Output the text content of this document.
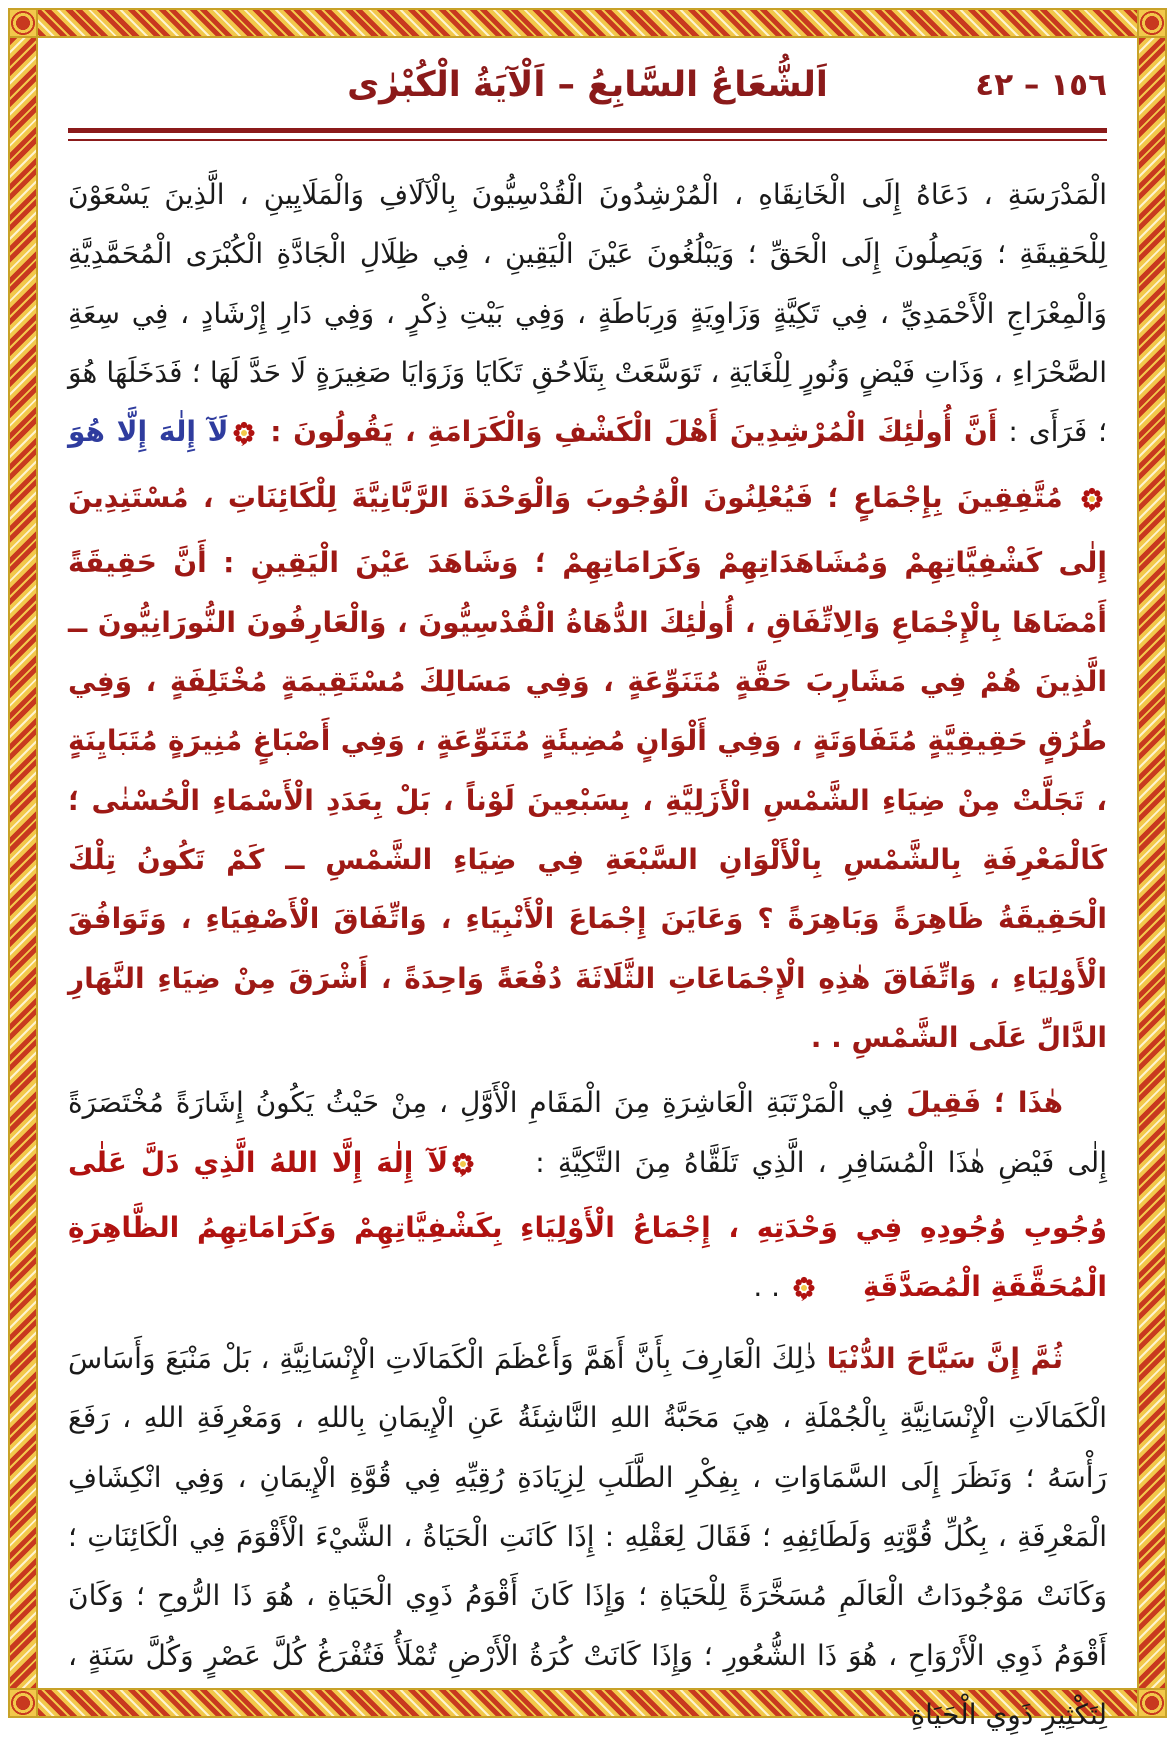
اَلشُّعَاعُ السَّابِعُ – اَلْآيَةُ الْكُبْرٰى	١٥٦ – ٤٢

الْمَدْرَسَةِ ، دَعَاهُ إِلَى الْخَانِقَاهِ ، الْمُرْشِدُونَ الْقُدْسِيُّونَ بِالْآلَافِ وَالْمَلَايِينِ ، الَّذِينَ يَسْعَوْنَ لِلْحَقِيقَةِ ؛ وَيَصِلُونَ إِلَى الْحَقِّ ؛ وَيَبْلُغُونَ عَيْنَ الْيَقِينِ ، فِي ظِلَالِ الْجَادَّةِ الْكُبْرَى الْمُحَمَّدِيَّةِ وَالْمِعْرَاجِ الْأَحْمَدِيِّ ، فِي تَكِيَّةٍ وَزَاوِيَةٍ وَرِبَاطَةٍ ، وَفِي بَيْتِ ذِكْرٍ ، وَفِي دَارِ إِرْشَادٍ ، فِي سِعَةِ الصَّحْرَاءِ ، وَذَاتِ فَيْضٍ وَنُورٍ لِلْغَايَةِ ، تَوَسَّعَتْ بِتَلَاحُقِ تَكَايَا وَزَوَايَا صَغِيرَةٍ لَا حَدَّ لَهَا ؛ فَدَخَلَهَا هُوَ ؛ فَرَأَى : أَنَّ أُولٰئِكَ الْمُرْشِدِينَ أَهْلَ الْكَشْفِ وَالْكَرَامَةِ ، يَقُولُونَ : لَآ إِلٰهَ إِلَّا هُوَ مُتَّفِقِينَ بِإِجْمَاعٍ ؛ فَيُعْلِنُونَ الْوُجُوبَ وَالْوَحْدَةَ الرَّبَّانِيَّةَ لِلْكَائِنَاتِ ، مُسْتَنِدِينَ إِلٰى كَشْفِيَّاتِهِمْ وَمُشَاهَدَاتِهِمْ وَكَرَامَاتِهِمْ ؛ وَشَاهَدَ عَيْنَ الْيَقِينِ : أَنَّ حَقِيقَةً أَمْضَاهَا بِالْإِجْمَاعِ وَالِاتِّفَاقِ ، أُولٰئِكَ الدُّهَاةُ الْقُدْسِيُّونَ ، وَالْعَارِفُونَ النُّورَانِيُّونَ ــ الَّذِينَ هُمْ فِي مَشَارِبَ حَقَّةٍ مُتَنَوِّعَةٍ ، وَفِي مَسَالِكَ مُسْتَقِيمَةٍ مُخْتَلِفَةٍ ، وَفِي طُرُقٍ حَقِيقِيَّةٍ مُتَفَاوَتَةٍ ، وَفِي أَلْوَانٍ مُضِيئَةٍ مُتَنَوِّعَةٍ ، وَفِي أَصْبَاغٍ مُنِيرَةٍ مُتَبَايِنَةٍ ، تَجَلَّتْ مِنْ ضِيَاءِ الشَّمْسِ الْأَزَلِيَّةِ ، بِسَبْعِينَ لَوْناً ، بَلْ بِعَدَدِ الْأَسْمَاءِ الْحُسْنٰى ؛ كَالْمَعْرِفَةِ بِالشَّمْسِ بِالْأَلْوَانِ السَّبْعَةِ فِي ضِيَاءِ الشَّمْسِ ــ كَمْ تَكُونُ تِلْكَ الْحَقِيقَةُ ظَاهِرَةً وَبَاهِرَةً ؟ وَعَايَنَ إِجْمَاعَ الْأَنْبِيَاءِ ، وَاتِّفَاقَ الْأَصْفِيَاءِ ، وَتَوَافُقَ الْأَوْلِيَاءِ ، وَاتِّفَاقَ هٰذِهِ الْإِجْمَاعَاتِ الثَّلَاثَةَ دُفْعَةً وَاحِدَةً ، أَشْرَقَ مِنْ ضِيَاءِ النَّهَارِ الدَّالِّ عَلَى الشَّمْسِ . .

هٰذَا ؛ فَقِيلَ فِي الْمَرْتَبَةِ الْعَاشِرَةِ مِنَ الْمَقَامِ الْأَوَّلِ ، مِنْ حَيْثُ يَكُونُ إِشَارَةً مُخْتَصَرَةً إِلٰى فَيْضِ هٰذَا الْمُسَافِرِ ، الَّذِي تَلَقَّاهُ مِنَ التَّكِيَّةِ : لَآ إِلٰهَ إِلَّا اللهُ الَّذِي دَلَّ عَلٰى وُجُوبِ وُجُودِهِ فِي وَحْدَتِهِ ، إِجْمَاعُ الْأَوْلِيَاءِ بِكَشْفِيَّاتِهِمْ وَكَرَامَاتِهِمُ الظَّاهِرَةِ الْمُحَقَّقَةِ الْمُصَدَّقَةِ . .

ثُمَّ إِنَّ سَيَّاحَ الدُّنْيَا ذٰلِكَ الْعَارِفَ بِأَنَّ أَهَمَّ وَأَعْظَمَ الْكَمَالَاتِ الْإِنْسَانِيَّةِ ، بَلْ مَنْبَعَ وَأَسَاسَ الْكَمَالَاتِ الْإِنْسَانِيَّةِ بِالْجُمْلَةِ ، هِيَ مَحَبَّةُ اللهِ النَّاشِئَةُ عَنِ الْإِيمَانِ بِاللهِ ، وَمَعْرِفَةِ اللهِ ، رَفَعَ رَأْسَهُ ؛ وَنَظَرَ إِلَى السَّمَاوَاتِ ، بِفِكْرِ الطَّلَبِ لِزِيَادَةِ رُقِيِّهِ فِي قُوَّةِ الْإِيمَانِ ، وَفِي انْكِشَافِ الْمَعْرِفَةِ ، بِكُلِّ قُوَّتِهِ وَلَطَائِفِهِ ؛ فَقَالَ لِعَقْلِهِ : إِذَا كَانَتِ الْحَيَاةُ ، الشَّيْءَ الْأَقْوَمَ فِي الْكَائِنَاتِ ؛ وَكَانَتْ مَوْجُودَاتُ الْعَالَمِ مُسَخَّرَةً لِلْحَيَاةِ ؛ وَإِذَا كَانَ أَقْوَمُ ذَوِي الْحَيَاةِ ، هُوَ ذَا الرُّوحِ ؛ وَكَانَ أَقْوَمُ ذَوِي الْأَرْوَاحِ ، هُوَ ذَا الشُّعُورِ ؛ وَإِذَا كَانَتْ كُرَةُ الْأَرْضِ تُمْلَأُ فَتُفْرَغُ كُلَّ عَصْرٍ وَكُلَّ سَنَةٍ ، لِتَكْثِيرِ ذَوِي الْحَيَاةِ
